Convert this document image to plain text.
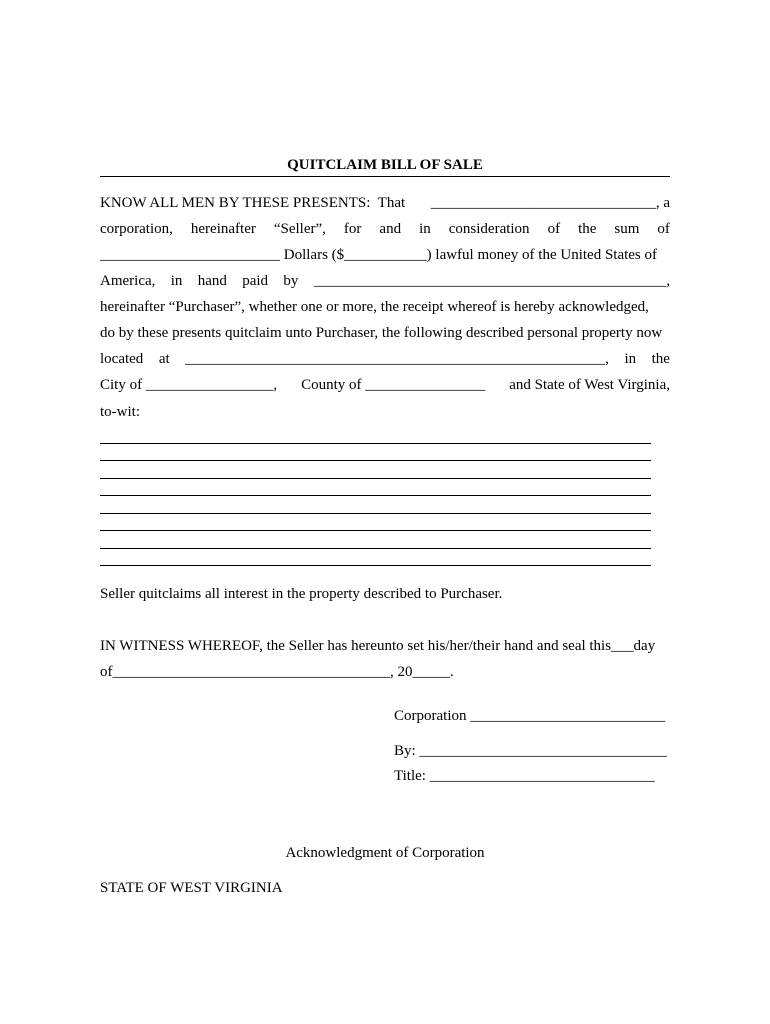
QUITCLAIM BILL OF SALE
KNOW ALL MEN BY THESE PRESENTS:  That ______________________________, a
corporation, hereinafter “Seller”, for and in consideration of the sum of
________________________ Dollars ($___________) lawful money of the United States of
America, in hand paid by _______________________________________________,
hereinafter “Purchaser”, whether one or more, the receipt whereof is hereby acknowledged,
do by these presents quitclaim unto Purchaser, the following described personal property now
located at ________________________________________________________, in the
City of _________________, County of ________________ and State of West Virginia,
to-wit:
Seller quitclaims all interest in the property described to Purchaser.
IN WITNESS WHEREOF, the Seller has hereunto set his/her/their hand and seal this___day
of_____________________________________, 20_____.
Corporation __________________________
By: _________________________________
Title: ______________________________
Acknowledgment of Corporation
STATE OF WEST VIRGINIA
